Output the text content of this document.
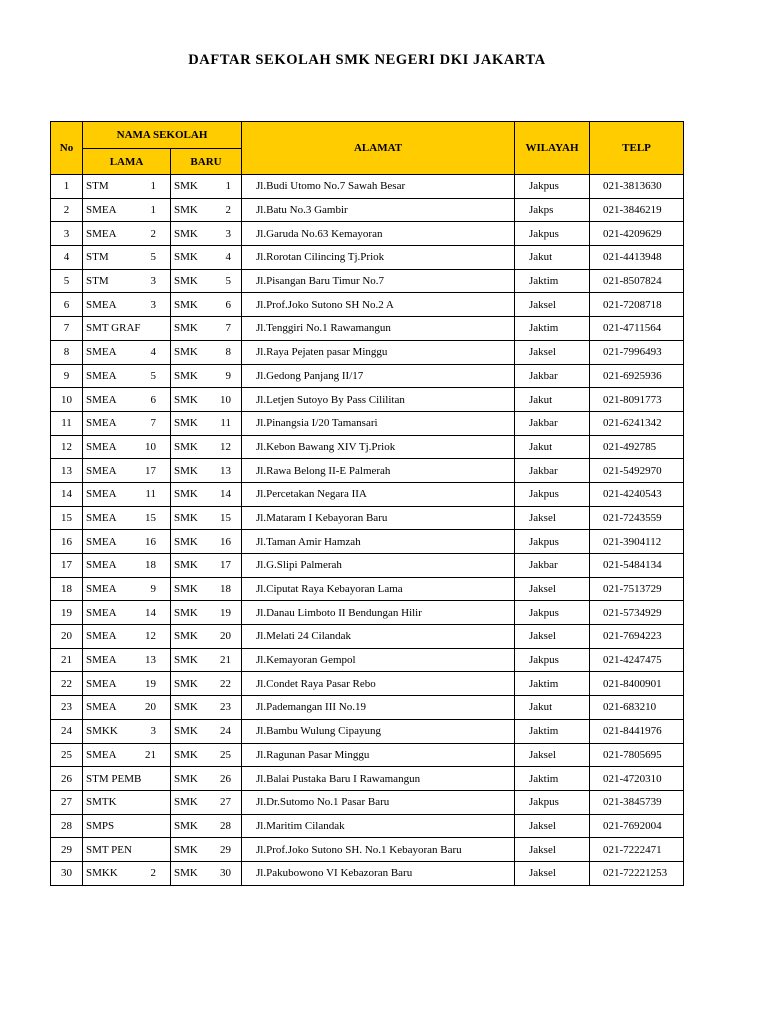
DAFTAR SEKOLAH SMK NEGERI DKI JAKARTA
No	NAMA SEKOLAH		ALAMAT	WILAYAH	TELP
	LAMA	BARU			
1	STM 1	SMK 1	Jl.Budi Utomo No.7 Sawah Besar	Jakpus	021-3813630
2	SMEA 1	SMK 2	Jl.Batu No.3 Gambir	Jakps	021-3846219
3	SMEA 2	SMK 3	Jl.Garuda No.63 Kemayoran	Jakpus	021-4209629
4	STM 5	SMK 4	Jl.Rorotan Cilincing Tj.Priok	Jakut	021-4413948
5	STM 3	SMK 5	Jl.Pisangan Baru Timur No.7	Jaktim	021-8507824
6	SMEA 3	SMK 6	Jl.Prof.Joko Sutono SH No.2 A	Jaksel	021-7208718
7	SMT GRAF	SMK 7	Jl.Tenggiri No.1 Rawamangun	Jaktim	021-4711564
8	SMEA 4	SMK 8	Jl.Raya Pejaten pasar Minggu	Jaksel	021-7996493
9	SMEA 5	SMK 9	Jl.Gedong Panjang II/17	Jakbar	021-6925936
10	SMEA 6	SMK 10	Jl.Letjen Sutoyo By Pass Cililitan	Jakut	021-8091773
11	SMEA 7	SMK 11	Jl.Pinangsia I/20 Tamansari	Jakbar	021-6241342
12	SMEA 10	SMK 12	Jl.Kebon Bawang XIV Tj.Priok	Jakut	021-492785
13	SMEA 17	SMK 13	Jl.Rawa Belong II-E Palmerah	Jakbar	021-5492970
14	SMEA 11	SMK 14	Jl.Percetakan Negara IIA	Jakpus	021-4240543
15	SMEA 15	SMK 15	Jl.Mataram I Kebayoran Baru	Jaksel	021-7243559
16	SMEA 16	SMK 16	Jl.Taman Amir Hamzah	Jakpus	021-3904112
17	SMEA 18	SMK 17	Jl.G.Slipi Palmerah	Jakbar	021-5484134
18	SMEA 9	SMK 18	Jl.Ciputat Raya Kebayoran Lama	Jaksel	021-7513729
19	SMEA 14	SMK 19	Jl.Danau Limboto II Bendungan Hilir	Jakpus	021-5734929
20	SMEA 12	SMK 20	Jl.Melati 24 Cilandak	Jaksel	021-7694223
21	SMEA 13	SMK 21	Jl.Kemayoran Gempol	Jakpus	021-4247475
22	SMEA 19	SMK 22	Jl.Condet Raya Pasar Rebo	Jaktim	021-8400901
23	SMEA 20	SMK 23	Jl.Pademangan III No.19	Jakut	021-683210
24	SMKK 3	SMK 24	Jl.Bambu Wulung Cipayung	Jaktim	021-8441976
25	SMEA 21	SMK 25	Jl.Ragunan Pasar Minggu	Jaksel	021-7805695
26	STM PEMB	SMK 26	Jl.Balai Pustaka Baru I Rawamangun	Jaktim	021-4720310
27	SMTK	SMK 27	Jl.Dr.Sutomo No.1 Pasar Baru	Jakpus	021-3845739
28	SMPS	SMK 28	Jl.Maritim Cilandak	Jaksel	021-7692004
29	SMT PEN	SMK 29	Jl.Prof.Joko Sutono SH. No.1 Kebayoran Baru	Jaksel	021-7222471
30	SMKK 2	SMK 30	Jl.Pakubowono VI Kebazoran Baru	Jaksel	021-72221253
